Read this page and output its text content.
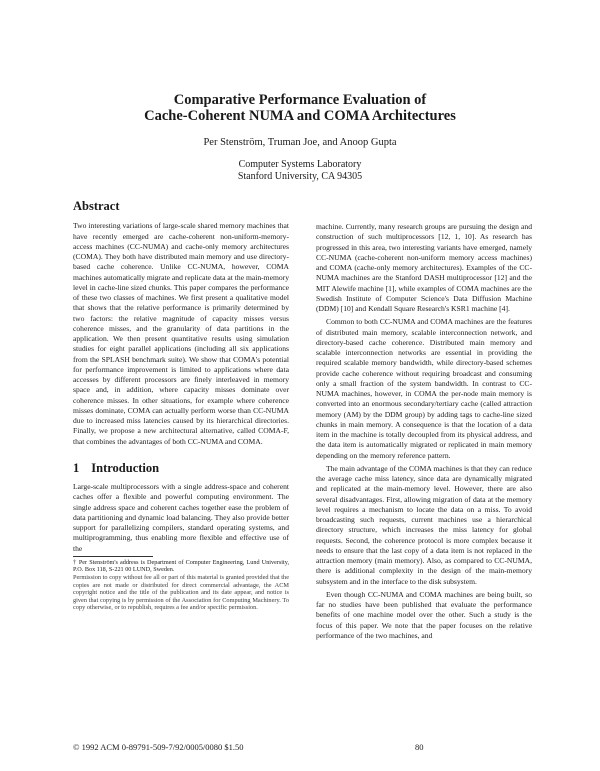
Comparative Performance Evaluation of
Cache-Coherent NUMA and COMA Architectures
Per Stenström, Truman Joe, and Anoop Gupta
Computer Systems Laboratory
Stanford University, CA 94305
Abstract

Two interesting variations of large-scale shared memory machines that have recently emerged are cache-coherent non-uniform-memory-access machines (CC-NUMA) and cache-only memory architectures (COMA). They both have distributed main memory and use directory-based cache coherence. Unlike CC-NUMA, however, COMA machines automatically migrate and replicate data at the main-memory level in cache-line sized chunks. This paper compares the performance of these two classes of machines. We first present a qualitative model that shows that the relative performance is primarily determined by two factors: the relative magnitude of capacity misses versus coherence misses, and the granularity of data partitions in the application. We then present quantitative results using simulation studies for eight parallel applications (including all six applications from the SPLASH benchmark suite). We show that COMA's potential for performance improvement is limited to applications where data accesses by different processors are finely interleaved in memory space and, in addition, where capacity misses dominate over coherence misses. In other situations, for example where coherence misses dominate, COMA can actually perform worse than CC-NUMA due to increased miss latencies caused by its hierarchical directories. Finally, we propose a new architectural alternative, called COMA-F, that combines the advantages of both CC-NUMA and COMA.

1 Introduction

Large-scale multiprocessors with a single address-space and coherent caches offer a flexible and powerful computing environment. The single address space and coherent caches together ease the problem of data partitioning and dynamic load balancing. They also provide better support for parallelizing compilers, standard operating systems, and multiprogramming, thus enabling more flexible and effective use of the

† Per Stenström's address is Department of Computer Engineering, Lund University, P.O. Box 118, S-221 00 LUND, Sweden.

Permission to copy without fee all or part of this material is granted provided that the copies are not made or distributed for direct commercial advantage, the ACM copyright notice and the title of the publication and its date appear, and notice is given that copying is by permission of the Association for Computing Machinery. To copy otherwise, or to republish, requires a fee and/or specific permission.

machine. Currently, many research groups are pursuing the design and construction of such multiprocessors [12, 1, 10]. As research has progressed in this area, two interesting variants have emerged, namely CC-NUMA (cache-coherent non-uniform memory access machines) and COMA (cache-only memory architectures). Examples of the CC-NUMA machines are the Stanford DASH multiprocessor [12] and the MIT Alewife machine [1], while examples of COMA machines are the Swedish Institute of Computer Science's Data Diffusion Machine (DDM) [10] and Kendall Square Research's KSR1 machine [4].

Common to both CC-NUMA and COMA machines are the features of distributed main memory, scalable interconnection network, and directory-based cache coherence. Distributed main memory and scalable interconnection networks are essential in providing the required scalable memory bandwidth, while directory-based schemes provide cache coherence without requiring broadcast and consuming only a small fraction of the system bandwidth. In contrast to CC-NUMA machines, however, in COMA the per-node main memory is converted into an enormous secondary/tertiary cache (called attraction memory (AM) by the DDM group) by adding tags to cache-line sized chunks in main memory. A consequence is that the location of a data item in the machine is totally decoupled from its physical address, and the data item is automatically migrated or replicated in main memory depending on the memory reference pattern.

The main advantage of the COMA machines is that they can reduce the average cache miss latency, since data are dynamically migrated and replicated at the main-memory level. However, there are also several disadvantages. First, allowing migration of data at the memory level requires a mechanism to locate the data on a miss. To avoid broadcasting such requests, current machines use a hierarchical directory structure, which increases the miss latency for global requests. Second, the coherence protocol is more complex because it needs to ensure that the last copy of a data item is not replaced in the attraction memory (main memory). Also, as compared to CC-NUMA, there is additional complexity in the design of the main-memory subsystem and in the interface to the disk subsystem.

Even though CC-NUMA and COMA machines are being built, so far no studies have been published that evaluate the performance benefits of one machine model over the other. Such a study is the focus of this paper. We note that the paper focuses on the relative performance of the two machines, and

© 1992 ACM 0-89791-509-7/92/0005/0080 $1.50	80
